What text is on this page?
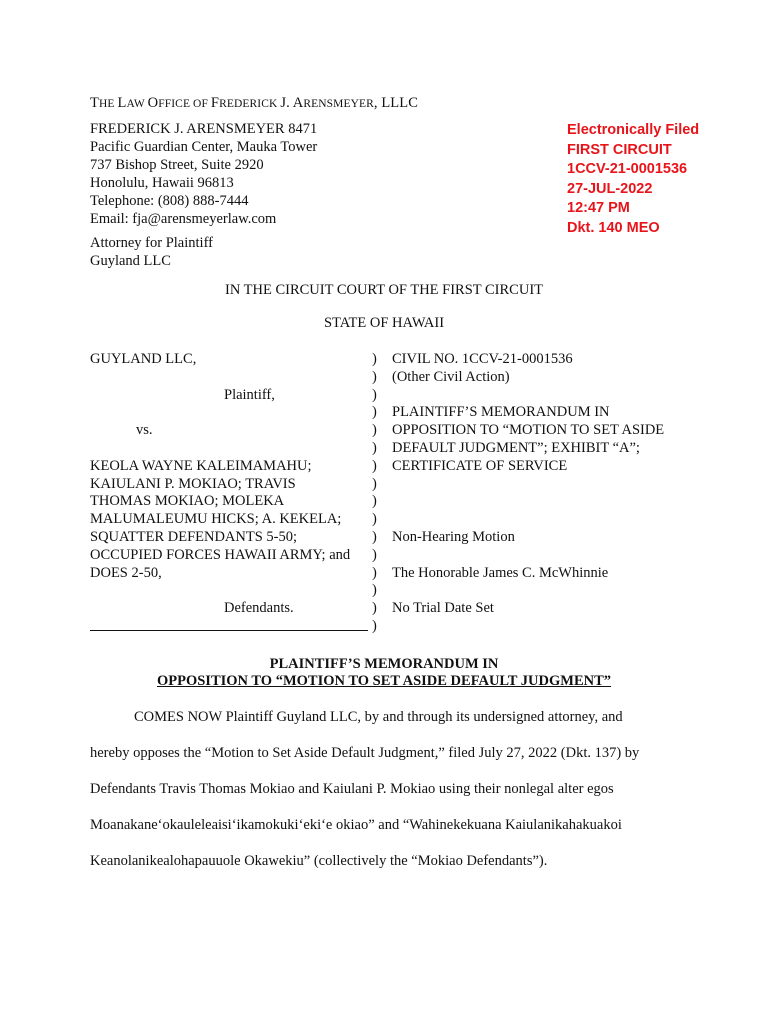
THE LAW OFFICE OF FREDERICK J. ARENSMEYER, LLLC
FREDERICK J. ARENSMEYER 8471
Pacific Guardian Center, Mauka Tower
737 Bishop Street, Suite 2920
Honolulu, Hawaii 96813
Telephone: (808) 888-7444
Email: fja@arensmeyerlaw.com
Attorney for Plaintiff
Guyland LLC
Electronically Filed
FIRST CIRCUIT
1CCV-21-0001536
27-JUL-2022
12:47 PM
Dkt. 140 MEO
IN THE CIRCUIT COURT OF THE FIRST CIRCUIT
STATE OF HAWAII
GUYLAND LLC,
Plaintiff,
vs.
KEOLA WAYNE KALEIMAMAHU;
KAIULANI P. MOKIAO; TRAVIS
THOMAS MOKIAO; MOLEKA
MALUMALEUMU HICKS; A. KEKELA;
SQUATTER DEFENDANTS 5-50;
OCCUPIED FORCES HAWAII ARMY; and
DOES 2-50,
Defendants.
)
)
)
)
)
)
)
)
)
)
)
)
)
)
)
)
CIVIL NO. 1CCV-21-0001536
(Other Civil Action)
PLAINTIFF’S MEMORANDUM IN
OPPOSITION TO “MOTION TO SET ASIDE
DEFAULT JUDGMENT”; EXHIBIT “A”;
CERTIFICATE OF SERVICE
Non-Hearing Motion
The Honorable James C. McWhinnie
No Trial Date Set
PLAINTIFF’S MEMORANDUM IN
OPPOSITION TO “MOTION TO SET ASIDE DEFAULT JUDGMENT”
COMES NOW Plaintiff Guyland LLC, by and through its undersigned attorney, and
hereby opposes the “Motion to Set Aside Default Judgment,” filed July 27, 2022 (Dkt. 137) by
Defendants Travis Thomas Mokiao and Kaiulani P. Mokiao using their nonlegal alter egos
Moanakane‘okauleleaisi‘ikamokuki‘eki‘e okiao” and “Wahinekekuana Kaiulanikahakuakoi
Keanolanikealohapauuole Okawekiu” (collectively the “Mokiao Defendants”).
